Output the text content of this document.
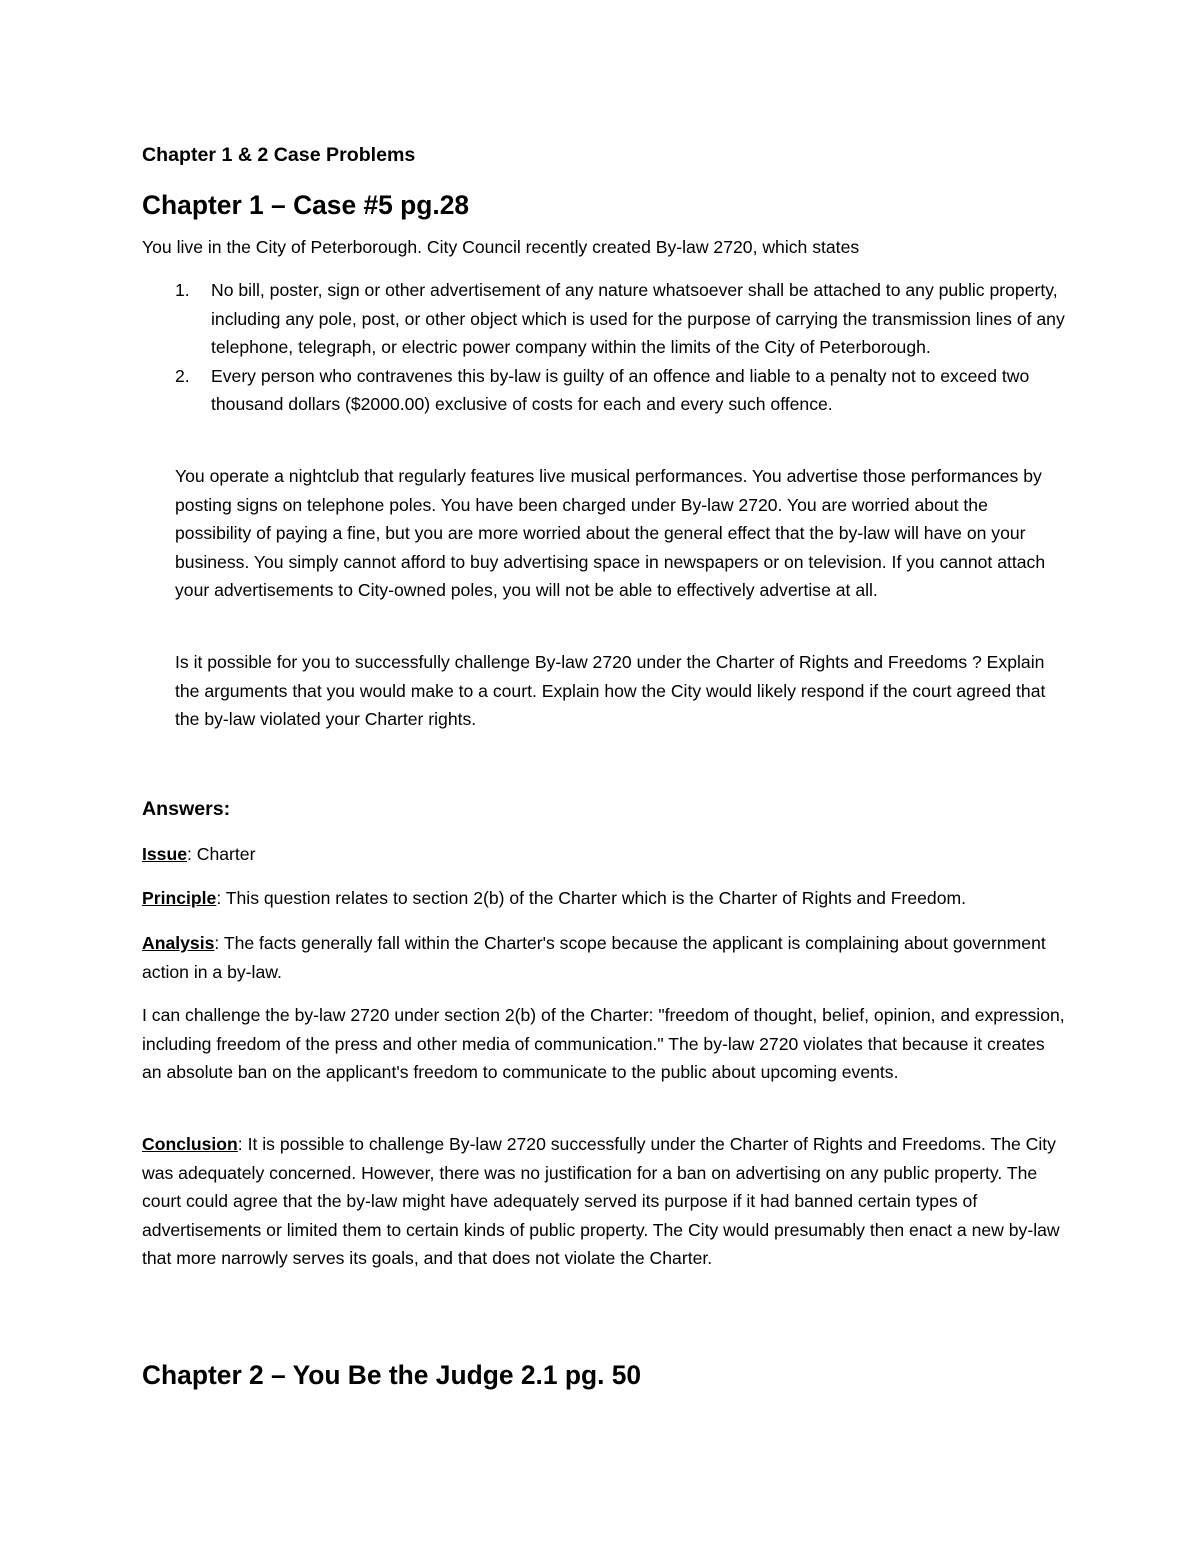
Chapter 1 & 2 Case Problems
Chapter 1 – Case #5 pg.28

You live in the City of Peterborough. City Council recently created By-law 2720, which states

1. No bill, poster, sign or other advertisement of any nature whatsoever shall be attached to any public property, including any pole, post, or other object which is used for the purpose of carrying the transmission lines of any telephone, telegraph, or electric power company within the limits of the City of Peterborough.
2. Every person who contravenes this by-law is guilty of an offence and liable to a penalty not to exceed two thousand dollars ($2000.00) exclusive of costs for each and every such offence.

You operate a nightclub that regularly features live musical performances. You advertise those performances by posting signs on telephone poles. You have been charged under By-law 2720. You are worried about the possibility of paying a fine, but you are more worried about the general effect that the by-law will have on your business. You simply cannot afford to buy advertising space in newspapers or on television. If you cannot attach your advertisements to City-owned poles, you will not be able to effectively advertise at all.

Is it possible for you to successfully challenge By-law 2720 under the Charter of Rights and Freedoms ? Explain the arguments that you would make to a court. Explain how the City would likely respond if the court agreed that the by-law violated your Charter rights.

Answers:

Issue: Charter

Principle: This question relates to section 2(b) of the Charter which is the Charter of Rights and Freedom.

Analysis: The facts generally fall within the Charter's scope because the applicant is complaining about government action in a by-law.

I can challenge the by-law 2720 under section 2(b) of the Charter: "freedom of thought, belief, opinion, and expression, including freedom of the press and other media of communication." The by-law 2720 violates that because it creates an absolute ban on the applicant's freedom to communicate to the public about upcoming events.

Conclusion: It is possible to challenge By-law 2720 successfully under the Charter of Rights and Freedoms. The City was adequately concerned. However, there was no justification for a ban on advertising on any public property. The court could agree that the by-law might have adequately served its purpose if it had banned certain types of advertisements or limited them to certain kinds of public property. The City would presumably then enact a new by-law that more narrowly serves its goals, and that does not violate the Charter.

Chapter 2 – You Be the Judge 2.1 pg. 50
